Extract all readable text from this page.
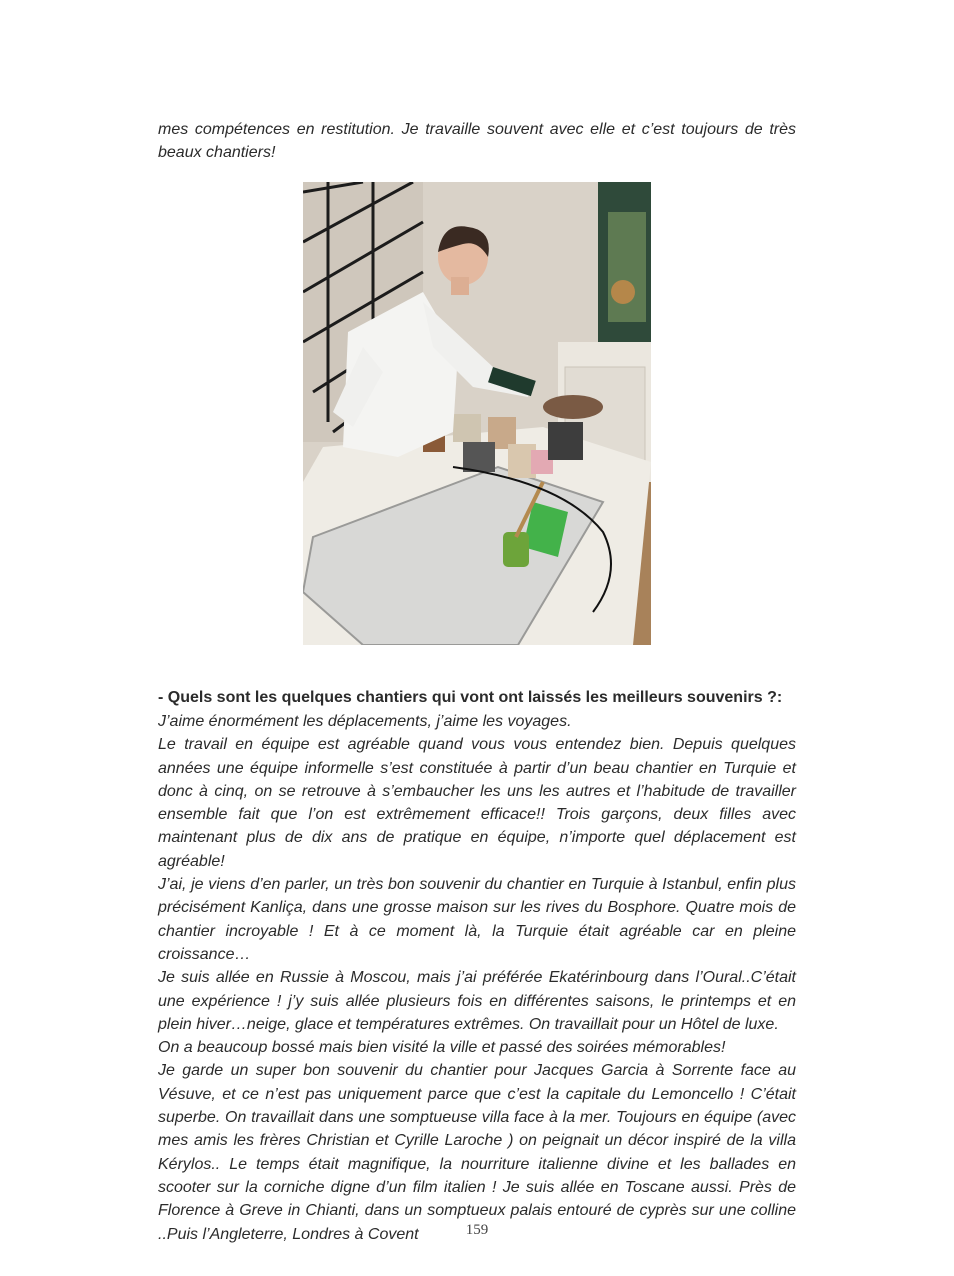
mes compétences en restitution. Je travaille souvent avec elle et c’est toujours de très beaux chantiers!

- Quels sont les quelques chantiers qui vont ont laissés les meilleurs souvenirs ?:

J’aime énormément les déplacements, j’aime les voyages.

Le travail en équipe est agréable quand vous vous entendez bien. Depuis quelques années une équipe informelle s’est constituée à partir d’un beau chantier en Turquie et donc à cinq, on se retrouve à s’embaucher les uns les autres et l’habitude de travailler ensemble fait que l’on est extrêmement efficace!! Trois garçons, deux filles avec maintenant plus de dix ans de pratique en équipe, n’importe quel déplacement est agréable!

J’ai, je viens d’en parler, un très bon souvenir du chantier en Turquie à Istanbul, enfin plus précisément Kanliça, dans une grosse maison sur les rives du Bosphore. Quatre mois de chantier incroyable ! Et à ce moment là, la Turquie était agréable car en pleine croissance…

Je suis allée en Russie à Moscou, mais j’ai préférée Ekatérinbourg dans l’Oural..C’était une expérience ! j’y suis allée plusieurs fois en différentes saisons, le printemps et en plein hiver…neige, glace et températures extrêmes. On travaillait pour un Hôtel de luxe.

On a beaucoup bossé mais bien visité la ville et passé des soirées mémorables!

Je garde un super bon souvenir du chantier pour Jacques Garcia à Sorrente face au Vésuve, et ce n’est pas uniquement parce que c’est la capitale du Lemoncello ! C’était superbe. On travaillait dans une somptueuse villa face à la mer. Toujours en équipe (avec mes amis les frères Christian et Cyrille Laroche ) on peignait un décor inspiré de la villa Kérylos.. Le temps était magnifique, la nourriture italienne divine et les ballades en scooter sur la corniche digne d’un film italien ! Je suis allée en Toscane aussi. Près de Florence à Greve in Chianti, dans un somptueux palais entouré de cyprès sur une colline ..Puis l’Angleterre, Londres à Covent	159
